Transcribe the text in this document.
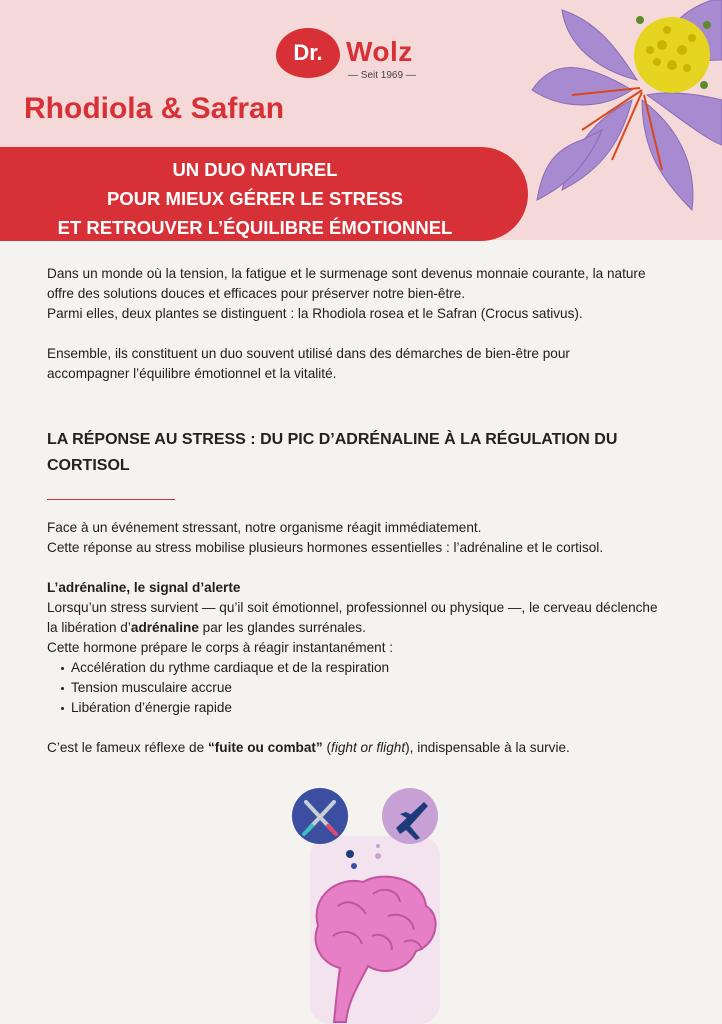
Dr. Wolz
— Seit 1969 —
Rhodiola & Safran
UN DUO NATUREL
POUR MIEUX GÉRER LE STRESS
ET RETROUVER L’ÉQUILIBRE ÉMOTIONNEL

Dans un monde où la tension, la fatigue et le surmenage sont devenus monnaie courante, la nature offre des solutions douces et efficaces pour préserver notre bien-être.

Parmi elles, deux plantes se distinguent : la Rhodiola rosea et le Safran (Crocus sativus).

Ensemble, ils constituent un duo souvent utilisé dans des démarches de bien-être pour accompagner l’équilibre émotionnel et la vitalité.

LA RÉPONSE AU STRESS : DU PIC D’ADRÉNALINE À LA RÉGULATION DU CORTISOL

Face à un événement stressant, notre organisme réagit immédiatement.

Cette réponse au stress mobilise plusieurs hormones essentielles : l’adrénaline et le cortisol.

L’adrénaline, le signal d’alerte

Lorsqu’un stress survient — qu’il soit émotionnel, professionnel ou physique —, le cerveau déclenche la libération d’adrénaline par les glandes surrénales.

Cette hormone prépare le corps à réagir instantanément :

Accélération du rythme cardiaque et de la respiration
Tension musculaire accrue
Libération d’énergie rapide

C’est le fameux réflexe de “fuite ou combat” (fight or flight), indispensable à la survie.
